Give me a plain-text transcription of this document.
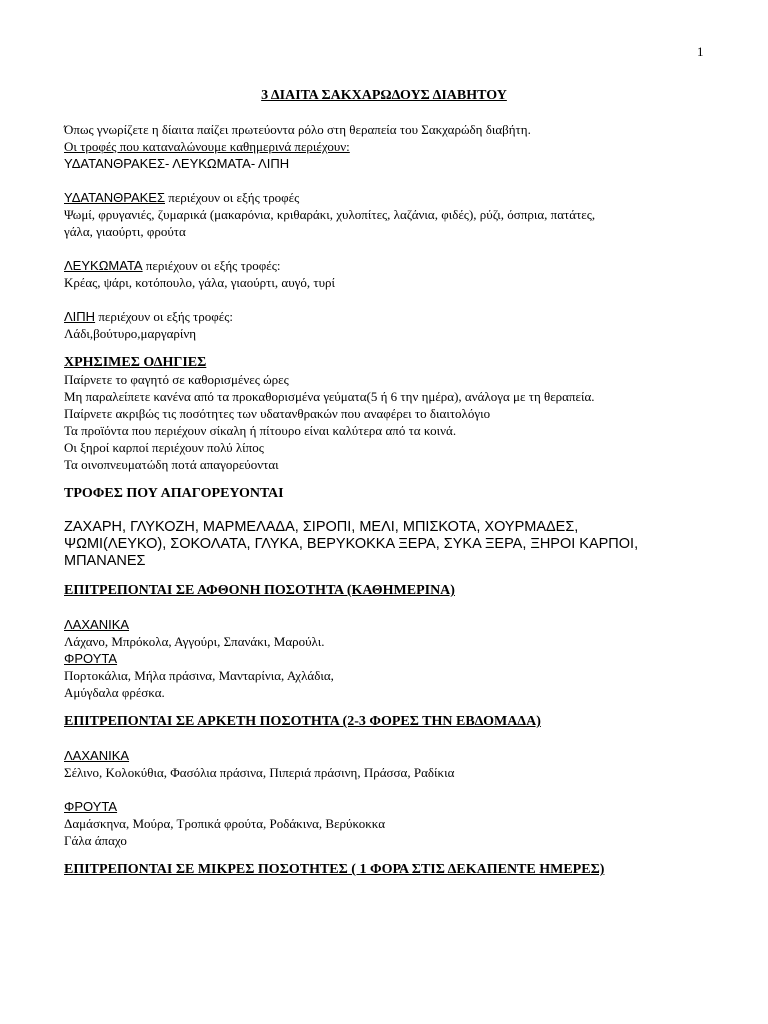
1
3 ΔΙΑΙΤΑ ΣΑΚΧΑΡΩΔΟΥΣ ΔΙΑΒΗΤΟΥ
Όπως γνωρίζετε η δίαιτα παίζει πρωτεύοντα ρόλο στη θεραπεία του Σακχαρώδη διαβήτη.
Οι τροφές που καταναλώνουμε καθημερινά περιέχουν:
ΥΔΑΤΑΝΘΡΑΚΕΣ- ΛΕΥΚΩΜΑΤΑ- ΛΙΠΗ
ΥΔΑΤΑΝΘΡΑΚΕΣ περιέχουν οι εξής τροφές
Ψωμί, φρυγανιές, ζυμαρικά (μακαρόνια, κριθαράκι, χυλοπίτες, λαζάνια, φιδές), ρύζι, όσπρια, πατάτες,
γάλα, γιαούρτι, φρούτα
ΛΕΥΚΩΜΑΤΑ περιέχουν οι εξής τροφές:
Κρέας, ψάρι, κοτόπουλο, γάλα, γιαούρτι, αυγό, τυρί
ΛΙΠΗ περιέχουν οι εξής τροφές:
Λάδι,βούτυρο,μαργαρίνη
ΧΡΗΣΙΜΕΣ ΟΔΗΓΙΕΣ
Παίρνετε το φαγητό σε καθορισμένες ώρες
Μη παραλείπετε κανένα από τα προκαθορισμένα γεύματα(5 ή 6 την ημέρα), ανάλογα με τη θεραπεία.
Παίρνετε ακριβώς τις ποσότητες των υδατανθρακών που αναφέρει το διαιτολόγιο
Τα προϊόντα που περιέχουν σίκαλη ή πίτουρο είναι καλύτερα από τα κοινά.
Οι ξηροί καρποί περιέχουν πολύ λίπος
Τα οινοπνευματώδη ποτά απαγορεύονται
ΤΡΟΦΕΣ ΠΟΥ ΑΠΑΓΟΡΕΥΟΝΤΑΙ
ΖΑΧΑΡΗ, ΓΛΥΚΟΖΗ, ΜΑΡΜΕΛΑΔΑ, ΣΙΡΟΠΙ, ΜΕΛΙ, ΜΠΙΣΚΟΤΑ, ΧΟΥΡΜΑΔΕΣ,
ΨΩΜΙ(ΛΕΥΚΟ), ΣΟΚΟΛΑΤΑ, ΓΛΥΚΑ, ΒΕΡΥΚΟΚΚΑ ΞΕΡΑ, ΣΥΚΑ ΞΕΡΑ, ΞΗΡΟΙ ΚΑΡΠΟΙ,
ΜΠΑΝΑΝΕΣ
ΕΠΙΤΡΕΠΟΝΤΑΙ ΣΕ ΑΦΘΟΝΗ ΠΟΣΟΤΗΤΑ (ΚΑΘΗΜΕΡΙΝΑ)
ΛΑΧΑΝΙΚΑ
Λάχανο, Μπρόκολα, Αγγούρι, Σπανάκι, Μαρούλι.
ΦΡΟΥΤΑ
Πορτοκάλια, Μήλα πράσινα, Μανταρίνια, Αχλάδια,
Αμύγδαλα φρέσκα.
ΕΠΙΤΡΕΠΟΝΤΑΙ ΣΕ ΑΡΚΕΤΗ ΠΟΣΟΤΗΤΑ (2-3 ΦΟΡΕΣ ΤΗΝ ΕΒΔΟΜΑΔΑ)
ΛΑΧΑΝΙΚΑ
Σέλινο, Κολοκύθια, Φασόλια πράσινα, Πιπεριά πράσινη, Πράσσα, Ραδίκια
ΦΡΟΥΤΑ
Δαμάσκηνα, Μούρα, Τροπικά φρούτα, Ροδάκινα, Βερύκοκκα
Γάλα άπαχο
ΕΠΙΤΡΕΠΟΝΤΑΙ ΣΕ ΜΙΚΡΕΣ ΠΟΣΟΤΗΤΕΣ ( 1 ΦΟΡΑ ΣΤΙΣ ΔΕΚΑΠΕΝΤΕ ΗΜΕΡΕΣ)
